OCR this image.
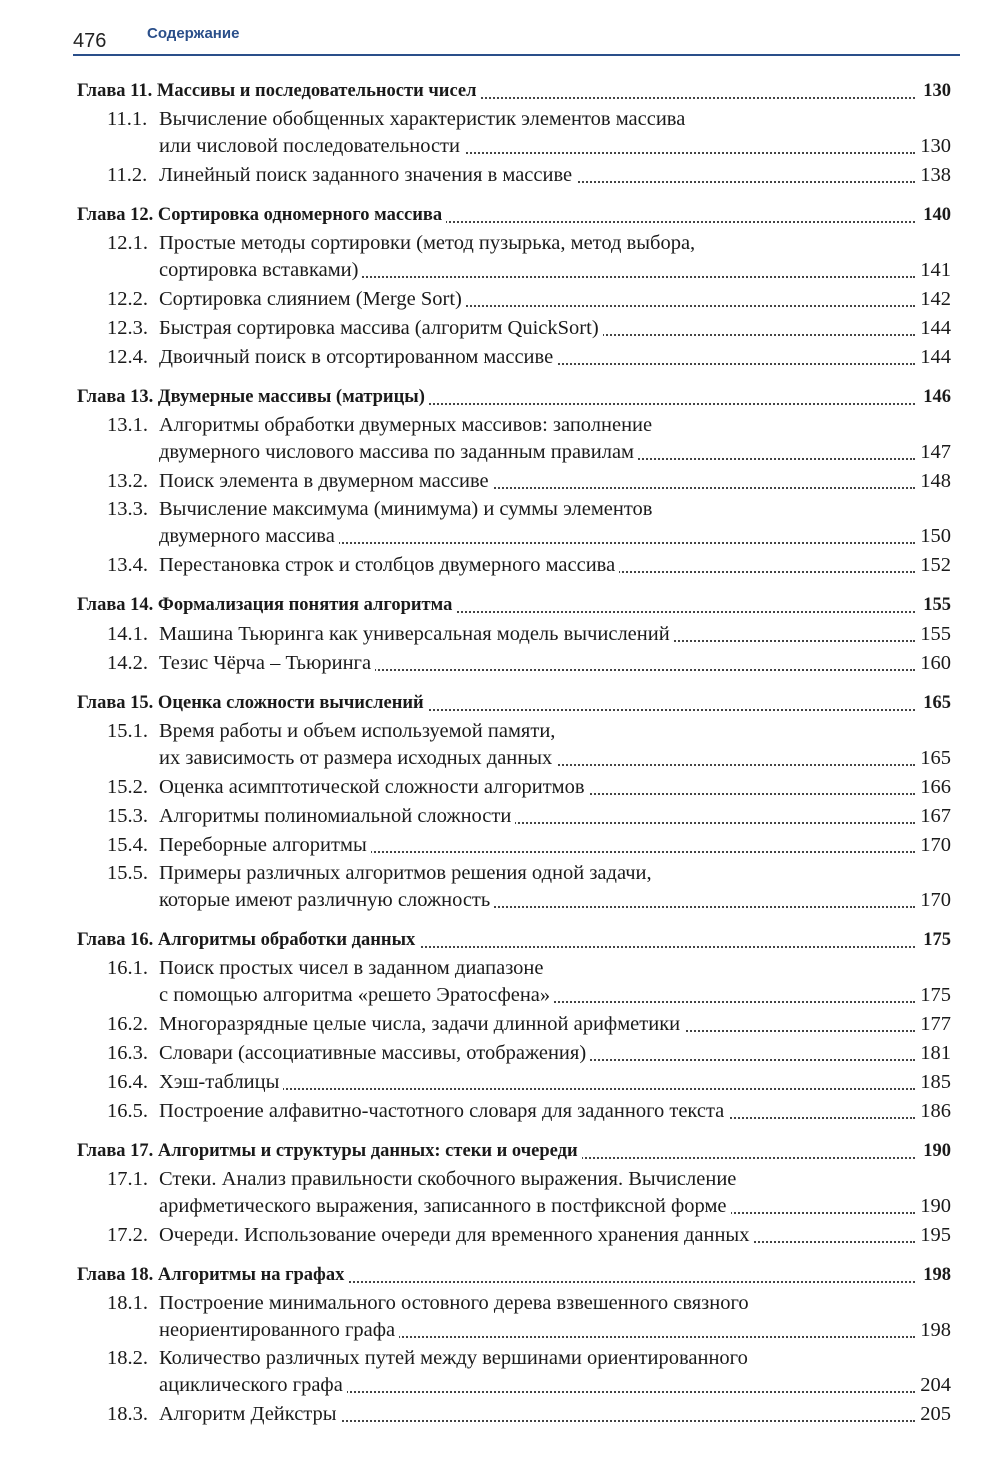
476	Содержание
Глава 11. Массивы и последовательности чисел	130
11.1. Вычисление обобщенных характеристик элементов массива
или числовой последовательности	130
11.2. Линейный поиск заданного значения в массиве	138
Глава 12. Сортировка одномерного массива	140
12.1. Простые методы сортировки (метод пузырька, метод выбора,
сортировка вставками)	141
12.2. Сортировка слиянием (Merge Sort)	142
12.3. Быстрая сортировка массива (алгоритм QuickSort)	144
12.4. Двоичный поиск в отсортированном массиве	144
Глава 13. Двумерные массивы (матрицы)	146
13.1. Алгоритмы обработки двумерных массивов: заполнение
двумерного числового массива по заданным правилам	147
13.2. Поиск элемента в двумерном массиве	148
13.3. Вычисление максимума (минимума) и суммы элементов
двумерного массива	150
13.4. Перестановка строк и столбцов двумерного массива	152
Глава 14. Формализация понятия алгоритма	155
14.1. Машина Тьюринга как универсальная модель вычислений	155
14.2. Тезис Чёрча – Тьюринга	160
Глава 15. Оценка сложности вычислений	165
15.1. Время работы и объем используемой памяти,
их зависимость от размера исходных данных	165
15.2. Оценка асимптотической сложности алгоритмов	166
15.3. Алгоритмы полиномиальной сложности	167
15.4. Переборные алгоритмы	170
15.5. Примеры различных алгоритмов решения одной задачи,
которые имеют различную сложность	170
Глава 16. Алгоритмы обработки данных	175
16.1. Поиск простых чисел в заданном диапазоне
с помощью алгоритма «решето Эратосфена»	175
16.2. Многоразрядные целые числа, задачи длинной арифметики	177
16.3. Словари (ассоциативные массивы, отображения)	181
16.4. Хэш-таблицы	185
16.5. Построение алфавитно-частотного словаря для заданного текста	186
Глава 17. Алгоритмы и структуры данных: стеки и очереди	190
17.1. Стеки. Анализ правильности скобочного выражения. Вычисление
арифметического выражения, записанного в постфиксной форме	190
17.2. Очереди. Использование очереди для временного хранения данных	195
Глава 18. Алгоритмы на графах	198
18.1. Построение минимального остовного дерева взвешенного связного
неориентированного графа	198
18.2. Количество различных путей между вершинами ориентированного
ациклического графа	204
18.3. Алгоритм Дейкстры	205
